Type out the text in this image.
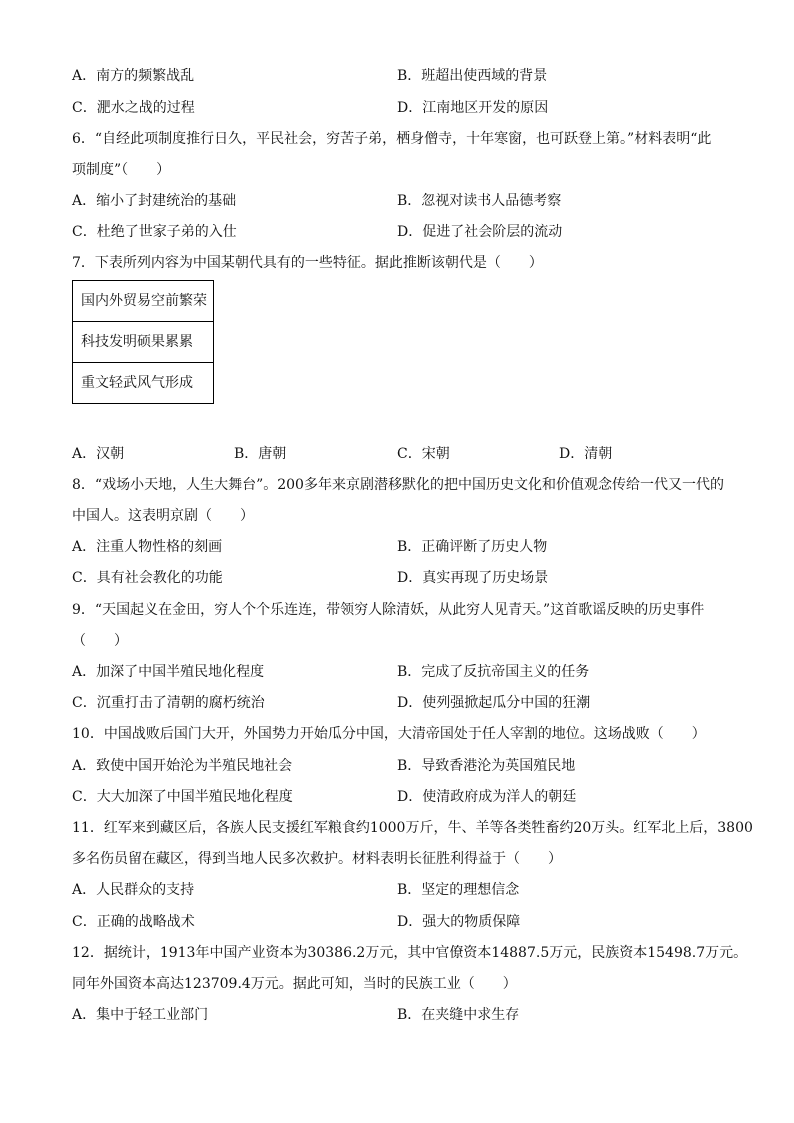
A．南方的频繁战乱	B．班超出使西域的背景
C．淝水之战的过程	D．江南地区开发的原因
6．“自经此项制度推行日久，平民社会，穷苦子弟，栖身僧寺，十年寒窗，也可跃登上第。”材料表明“此
项制度”（　　）
A．缩小了封建统治的基础	B．忽视对读书人品德考察
C．杜绝了世家子弟的入仕	D．促进了社会阶层的流动
7．下表所列内容为中国某朝代具有的一些特征。据此推断该朝代是（　　）
国内外贸易空前繁荣
科技发明硕果累累
重文轻武风气形成
A．汉朝	B．唐朝	C．宋朝	D．清朝
8．“戏场小天地，人生大舞台”。200多年来京剧潜移默化的把中国历史文化和价值观念传给一代又一代的
中国人。这表明京剧（　　）
A．注重人物性格的刻画	B．正确评断了历史人物
C．具有社会教化的功能	D．真实再现了历史场景
9．“天国起义在金田，穷人个个乐连连，带领穷人除清妖，从此穷人见青天。”这首歌谣反映的历史事件
（　　）
A．加深了中国半殖民地化程度	B．完成了反抗帝国主义的任务
C．沉重打击了清朝的腐朽统治	D．使列强掀起瓜分中国的狂潮
10．中国战败后国门大开，外国势力开始瓜分中国，大清帝国处于任人宰割的地位。这场战败（　　）
A．致使中国开始沦为半殖民地社会	B．导致香港沦为英国殖民地
C．大大加深了中国半殖民地化程度	D．使清政府成为洋人的朝廷
11．红军来到藏区后，各族人民支援红军粮食约1000万斤，牛、羊等各类牲畜约20万头。红军北上后，3800
多名伤员留在藏区，得到当地人民多次救护。材料表明长征胜利得益于（　　）
A．人民群众的支持	B．坚定的理想信念
C．正确的战略战术	D．强大的物质保障
12．据统计，1913年中国产业资本为30386.2万元，其中官僚资本14887.5万元，民族资本15498.7万元。
同年外国资本高达123709.4万元。据此可知，当时的民族工业（　　）
A．集中于轻工业部门	B．在夹缝中求生存
